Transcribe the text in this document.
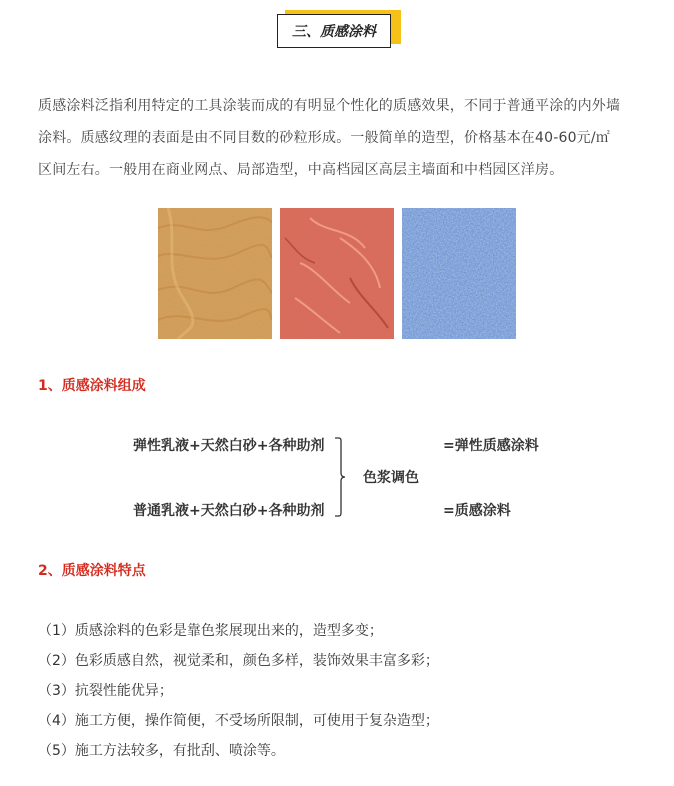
三、质感涂料
质感涂料泛指利用特定的工具涂装而成的有明显个性化的质感效果，不同于普通平涂的内外墙
涂料。质感纹理的表面是由不同目数的砂粒形成。一般简单的造型，价格基本在40-60元/㎡
区间左右。一般用在商业网点、局部造型，中高档园区高层主墙面和中档园区洋房。
1、质感涂料组成
弹性乳液+天然白砂+各种助剂
普通乳液+天然白砂+各种助剂
色浆调色
=弹性质感涂料
=质感涂料
2、质感涂料特点
（1）质感涂料的色彩是靠色浆展现出来的，造型多变；
（2）色彩质感自然，视觉柔和，颜色多样，装饰效果丰富多彩；
（3）抗裂性能优异；
（4）施工方便，操作简便，不受场所限制，可使用于复杂造型；
（5）施工方法较多，有批刮、喷涂等。
